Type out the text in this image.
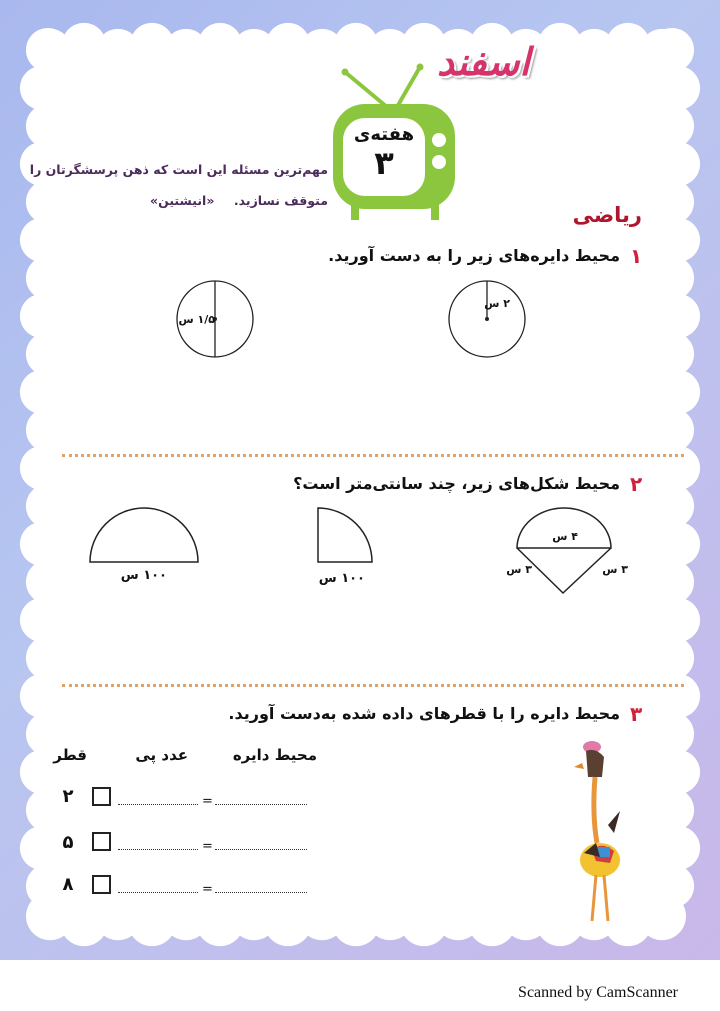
اسفند
هفته‌ی
۳
مهم‌ترین مسئله این است که ذهن پرسشگرتان را
متوقف نسازید.
«انیشتین»
ریاضی
۱
محیط دایره‌های زیر را به دست آورید.
۱/۵ س
۲ س
۲
محیط شکل‌های زیر، چند سانتی‌متر است؟
۱۰۰ س	۱۰۰ س
۴ س
۳ س	۳ س
۳
محیط دایره را با قطرهای داده شده به‌دست آورید.
قطر	عدد پی	محیط دایره
۲	=
۵	=
۸	=
Scanned by CamScanner
